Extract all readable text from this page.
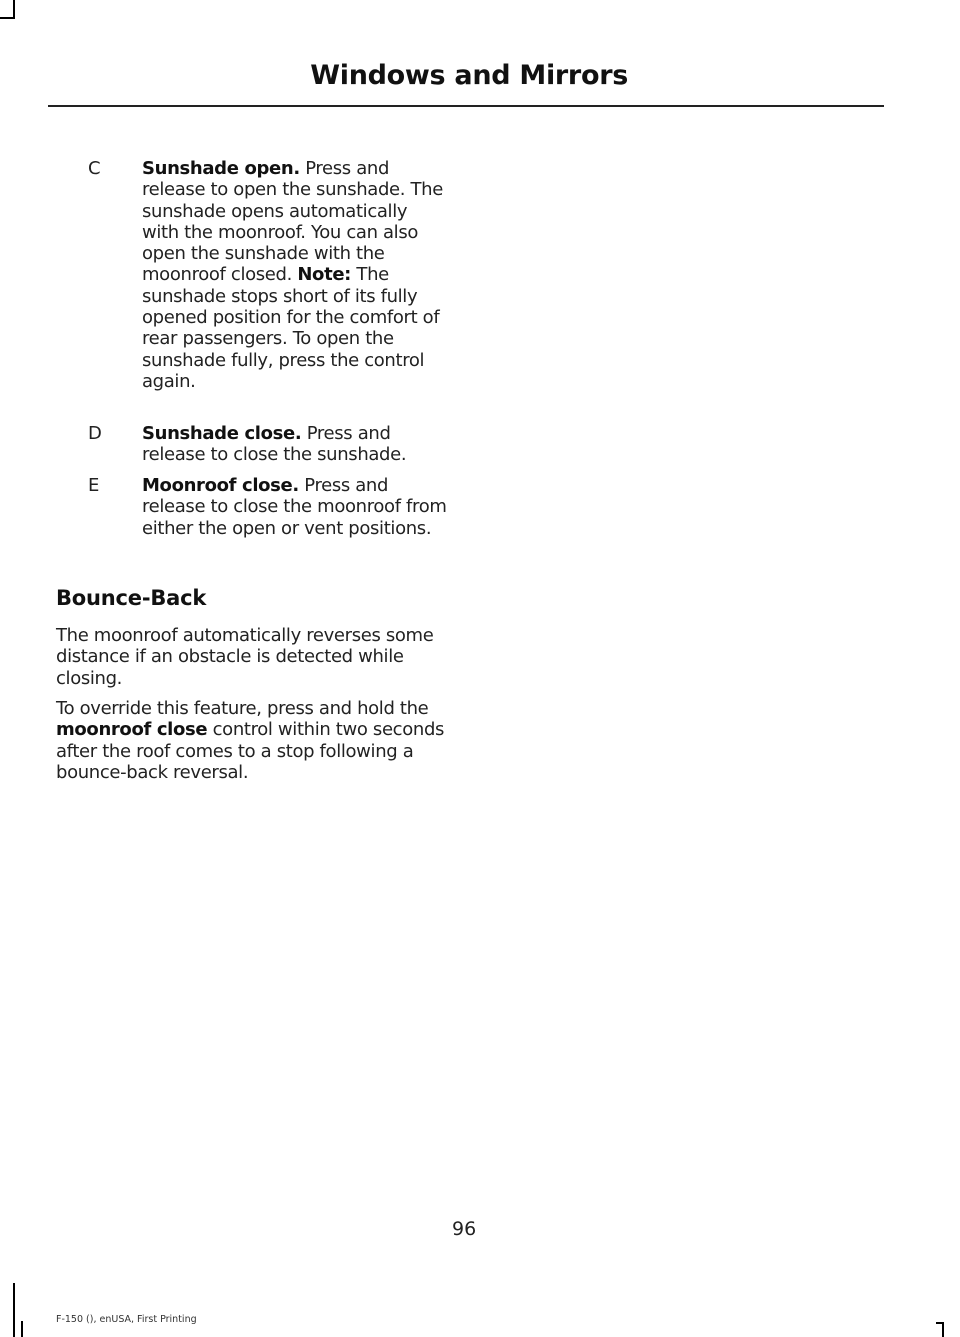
Windows and Mirrors
C Sunshade open. Press and release to open the sunshade. The sunshade opens automatically with the moonroof. You can also open the sunshade with the moonroof closed. Note: The sunshade stops short of its fully opened position for the comfort of rear passengers. To open the sunshade fully, press the control again.
D Sunshade close. Press and release to close the sunshade.
E Moonroof close. Press and release to close the moonroof from either the open or vent positions.
Bounce-Back
The moonroof automatically reverses some distance if an obstacle is detected while closing.
To override this feature, press and hold the moonroof close control within two seconds after the roof comes to a stop following a bounce-back reversal.
96
F-150 (), enUSA, First Printing
